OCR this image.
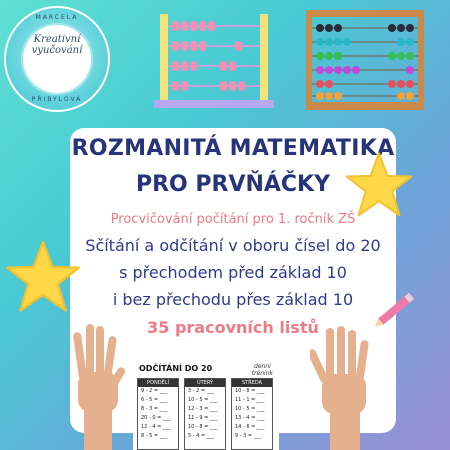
MARCELA
Kreativní
vyučování
PŘIBYLOVÁ
ROZMANITÁ MATEMATIKA
PRO PRVŇÁČKY
Procvičování počítání pro 1. ročník ZŠ
Sčítání a odčítání v oboru čísel do 20
s přechodem před základ 10
i bez přechodu přes základ 10
35 pracovních listů
ODČÍTÁNÍ DO 20	denní
trénink
PONDĚLÍ
9 - 2 = ___
6 - 5 = ___
8 - 3 = ___
20 - 0 = ___
12 - 4 = ___
8 - 5 = ___
ÚTERÝ
3 - 2 = ___
10 - 5 = ___
12 - 3 = ___
11 - 9 = ___
10 - 8 = ___
5 - 4 = ___
STŘEDA
10 - 8 = ___
11 - 1 = ___
10 - 5 = ___
13 - 4 = ___
14 - 6 = ___
9 - 3 = ___
